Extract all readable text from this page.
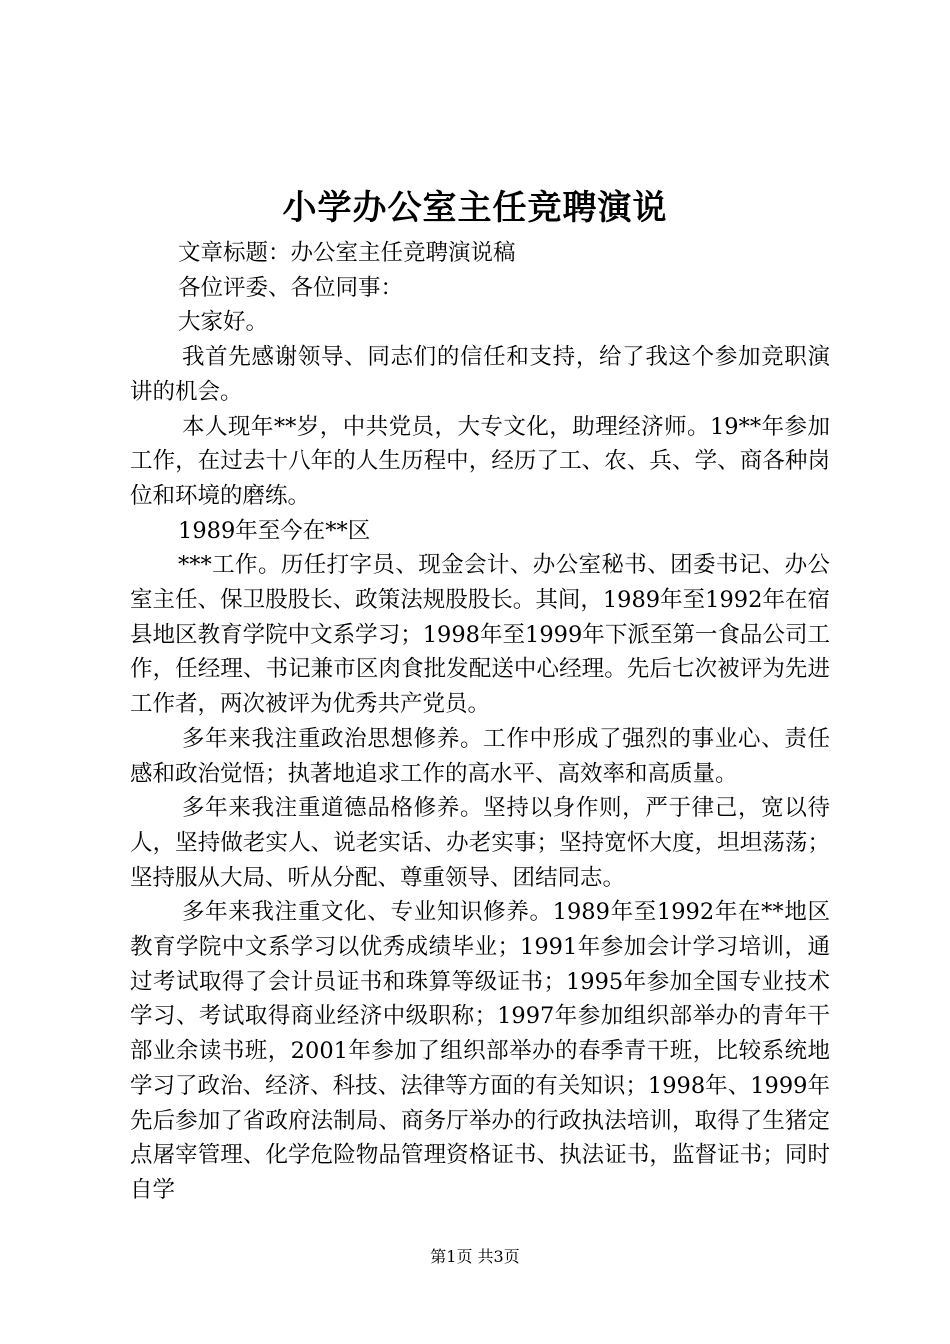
小学办公室主任竞聘演说

文章标题：办公室主任竞聘演说稿

各位评委、各位同事：

大家好。

我首先感谢领导、同志们的信任和支持，给了我这个参加竞职演讲的机会。

本人现年**岁，中共党员，大专文化，助理经济师。19**年参加工作，在过去十八年的人生历程中，经历了工、农、兵、学、商各种岗位和环境的磨练。

1989年至今在**区

***工作。历任打字员、现金会计、办公室秘书、团委书记、办公室主任、保卫股股长、政策法规股股长。其间，1989年至1992年在宿县地区教育学院中文系学习；1998年至1999年下派至第一食品公司工作，任经理、书记兼市区肉食批发配送中心经理。先后七次被评为先进工作者，两次被评为优秀共产党员。

多年来我注重政治思想修养。工作中形成了强烈的事业心、责任感和政治觉悟；执著地追求工作的高水平、高效率和高质量。

多年来我注重道德品格修养。坚持以身作则，严于律己，宽以待人，坚持做老实人、说老实话、办老实事；坚持宽怀大度，坦坦荡荡；坚持服从大局、听从分配、尊重领导、团结同志。

多年来我注重文化、专业知识修养。1989年至1992年在**地区教育学院中文系学习以优秀成绩毕业；1991年参加会计学习培训，通过考试取得了会计员证书和珠算等级证书；1995年参加全国专业技术学习、考试取得商业经济中级职称；1997年参加组织部举办的青年干部业余读书班，2001年参加了组织部举办的春季青干班，比较系统地学习了政治、经济、科技、法律等方面的有关知识；1998年、1999年先后参加了省政府法制局、商务厅举办的行政执法培训，取得了生猪定点屠宰管理、化学危险物品管理资格证书、执法证书，监督证书；同时自学

第1页 共3页
